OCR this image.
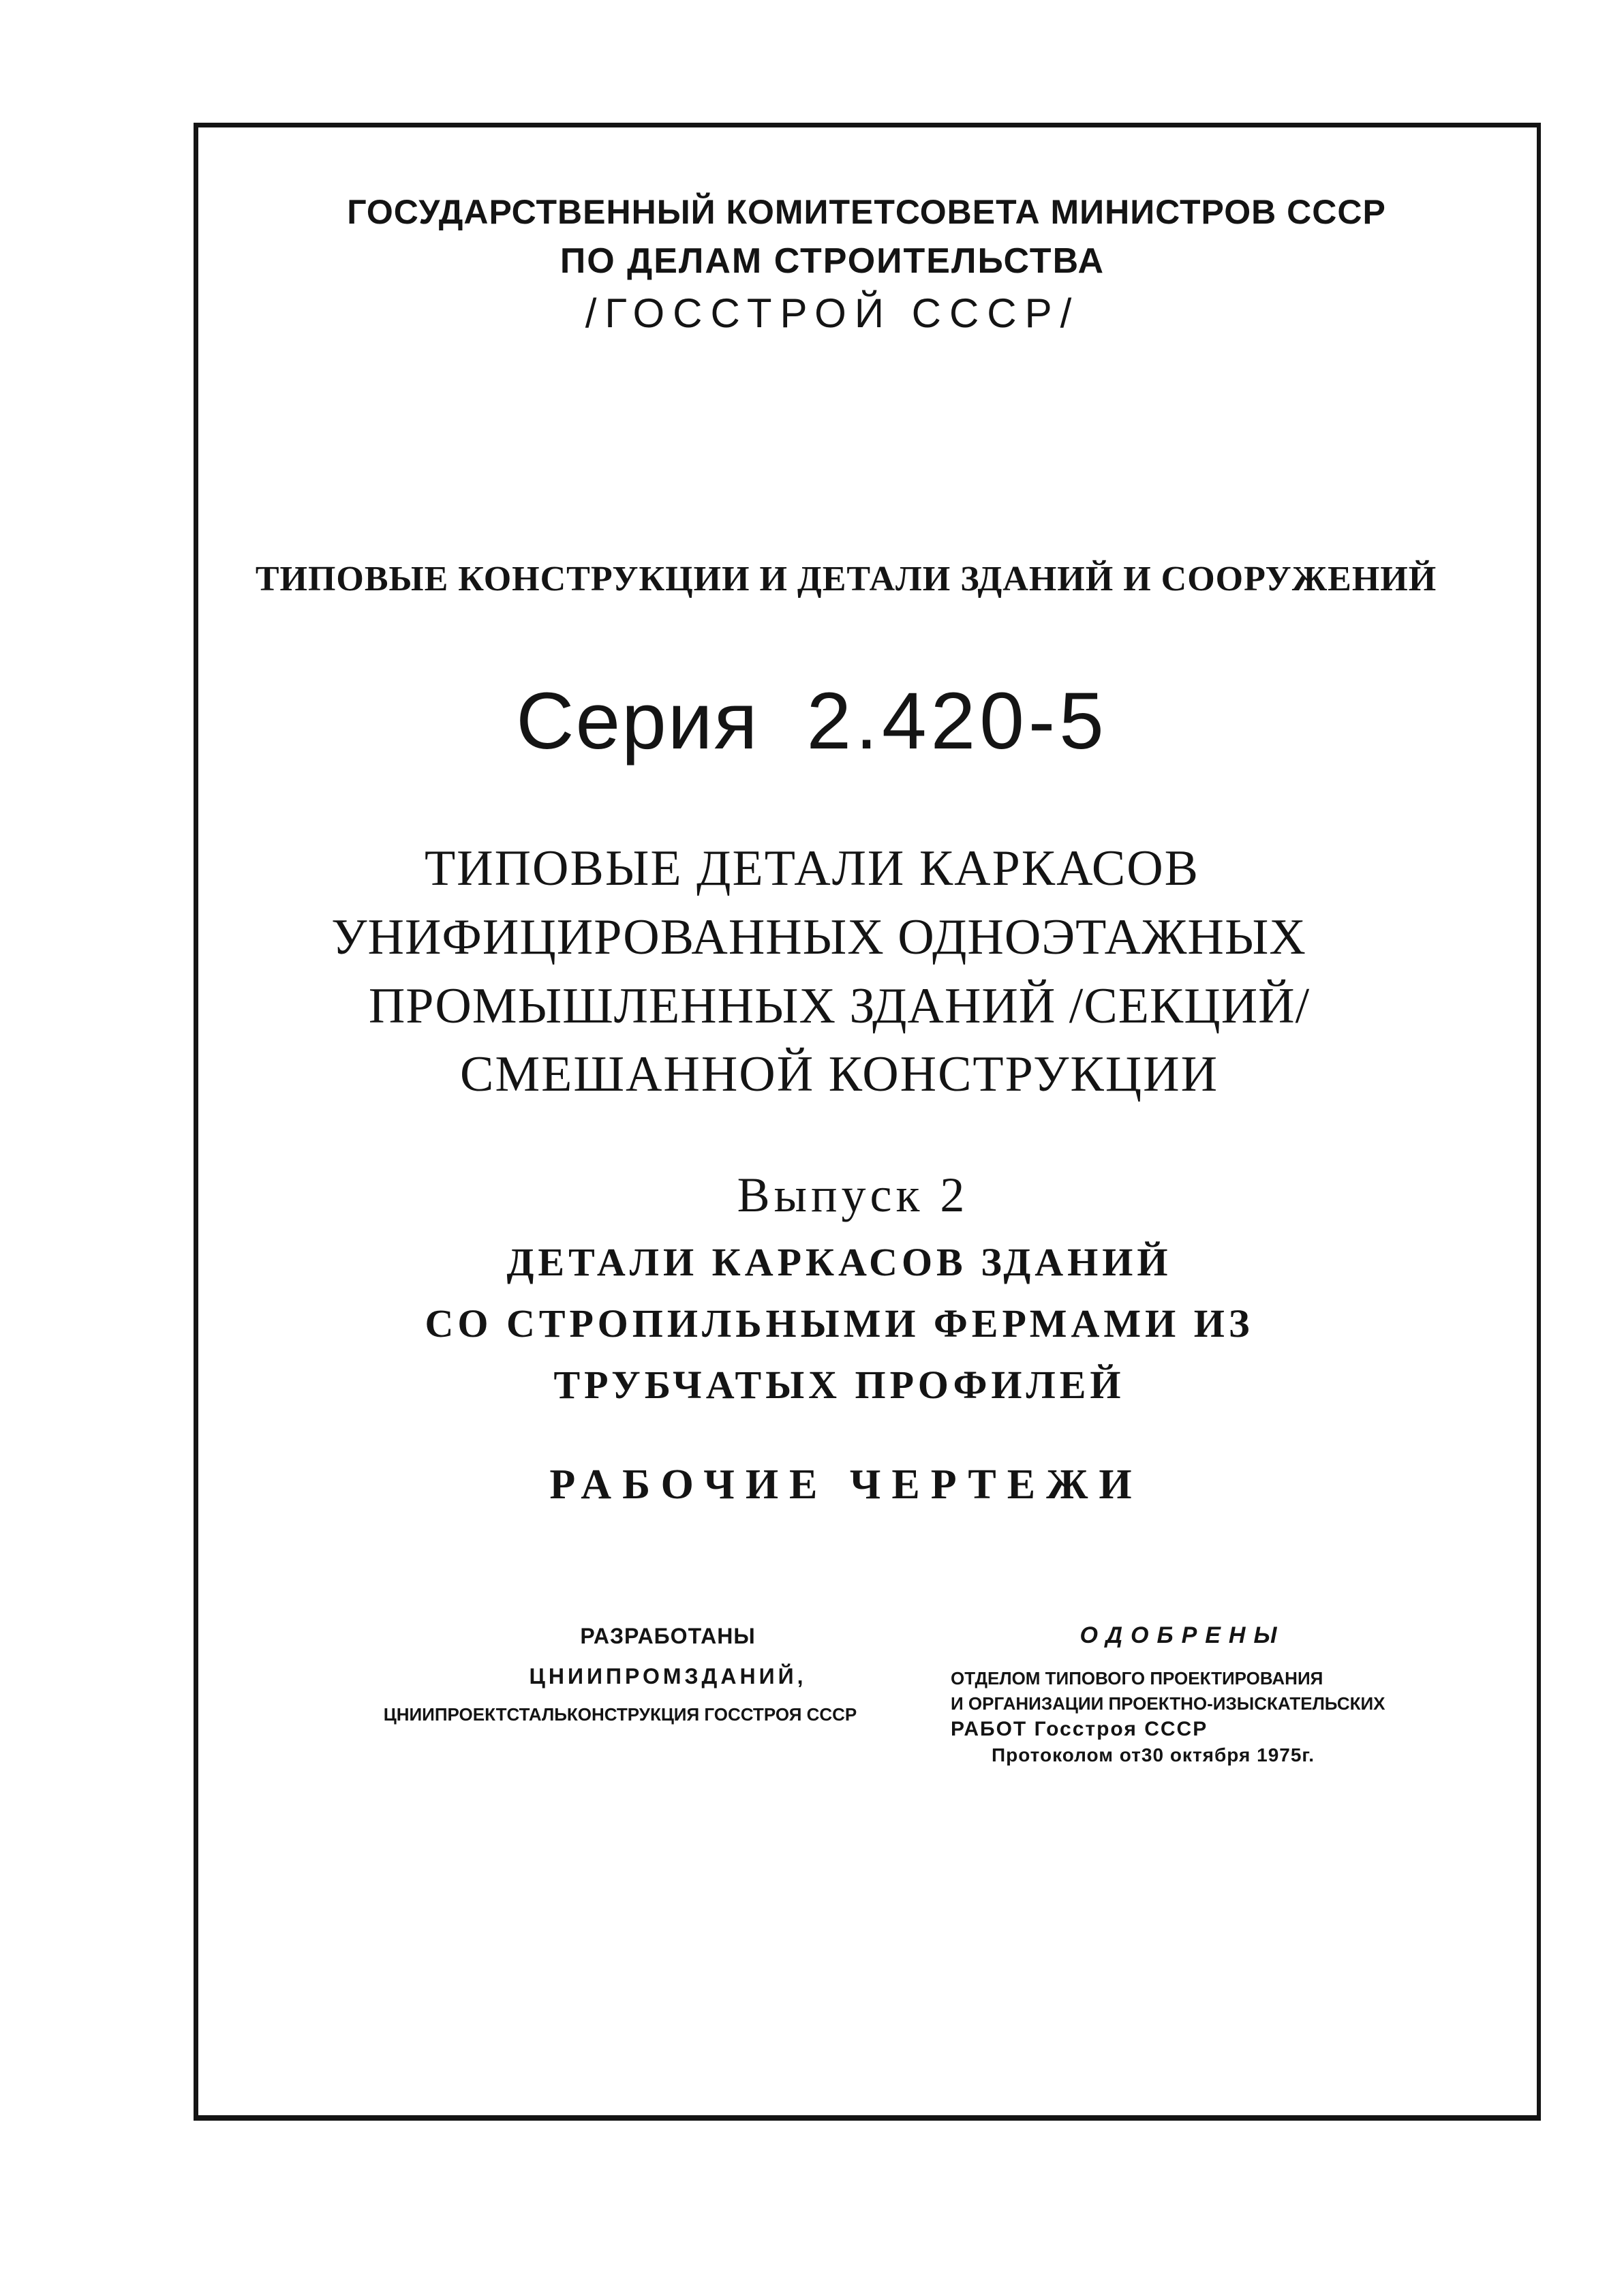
ГОСУДАРСТВЕННЫЙ КОМИТЕТСОВЕТА МИНИСТРОВ СССР
ПО ДЕЛАМ СТРОИТЕЛЬСТВА
/ГОССТРОЙ СССР/
ТИПОВЫЕ КОНСТРУКЦИИ И ДЕТАЛИ ЗДАНИЙ И СООРУЖЕНИЙ
Серия 2.420-5
ТИПОВЫЕ ДЕТАЛИ КАРКАСОВ
УНИФИЦИРОВАННЫХ ОДНОЭТАЖНЫХ
ПРОМЫШЛЕННЫХ ЗДАНИЙ /СЕКЦИЙ/
СМЕШАННОЙ КОНСТРУКЦИИ
Выпуск 2
ДЕТАЛИ КАРКАСОВ ЗДАНИЙ
СО СТРОПИЛЬНЫМИ ФЕРМАМИ ИЗ
ТРУБЧАТЫХ ПРОФИЛЕЙ
РАБОЧИЕ ЧЕРТЕЖИ
РАЗРАБОТАНЫ
ЦНИИПРОМЗДАНИЙ,
ЦНИИПРОЕКТСТАЛЬКОНСТРУКЦИЯ ГОССТРОЯ СССР
ОДОБРЕНЫ
ОТДЕЛОМ ТИПОВОГО ПРОЕКТИРОВАНИЯ
И ОРГАНИЗАЦИИ ПРОЕКТНО-ИЗЫСКАТЕЛЬСКИХ
РАБОТ Госстроя СССР
Протоколом от30 октября 1975г.
